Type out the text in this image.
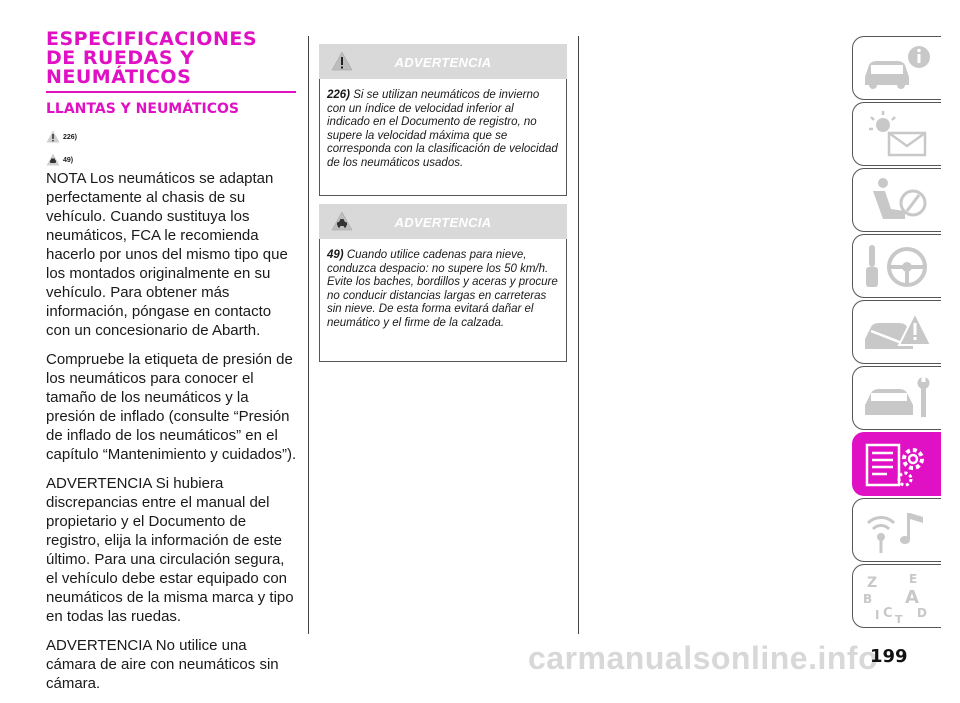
ESPECIFICACIONES
DE RUEDAS Y
NEUMÁTICOS
LLANTAS Y NEUMÁTICOS
226)
49)

NOTA Los neumáticos se adaptan perfectamente al chasis de su vehículo. Cuando sustituya los neumáticos, FCA le recomienda hacerlo por unos del mismo tipo que los montados originalmente en su vehículo. Para obtener más información, póngase en contacto con un concesionario de Abarth.

Compruebe la etiqueta de presión de los neumáticos para conocer el tamaño de los neumáticos y la presión de inflado (consulte “Presión de inflado de los neumáticos” en el capítulo “Mantenimiento y cuidados”).

ADVERTENCIA Si hubiera discrepancias entre el manual del propietario y el Documento de registro, elija la información de este último. Para una circulación segura, el vehículo debe estar equipado con neumáticos de la misma marca y tipo en todas las ruedas.

ADVERTENCIA No utilice una cámara de aire con neumáticos sin cámara.

ADVERTENCIA
226) Si se utilizan neumáticos de invierno con un índice de velocidad inferior al indicado en el Documento de registro, no supere la velocidad máxima que se corresponda con la clasificación de velocidad de los neumáticos usados.
ADVERTENCIA
49) Cuando utilice cadenas para nieve, conduzca despacio: no supere los 50 km/h. Evite los baches, bordillos y aceras y procure no conducir distancias largas en carreteras sin nieve. De esta forma evitará dañar el neumático y el firme de la calzada.
Z	E
B A
C D
I T
carmanualsonline.info
199
